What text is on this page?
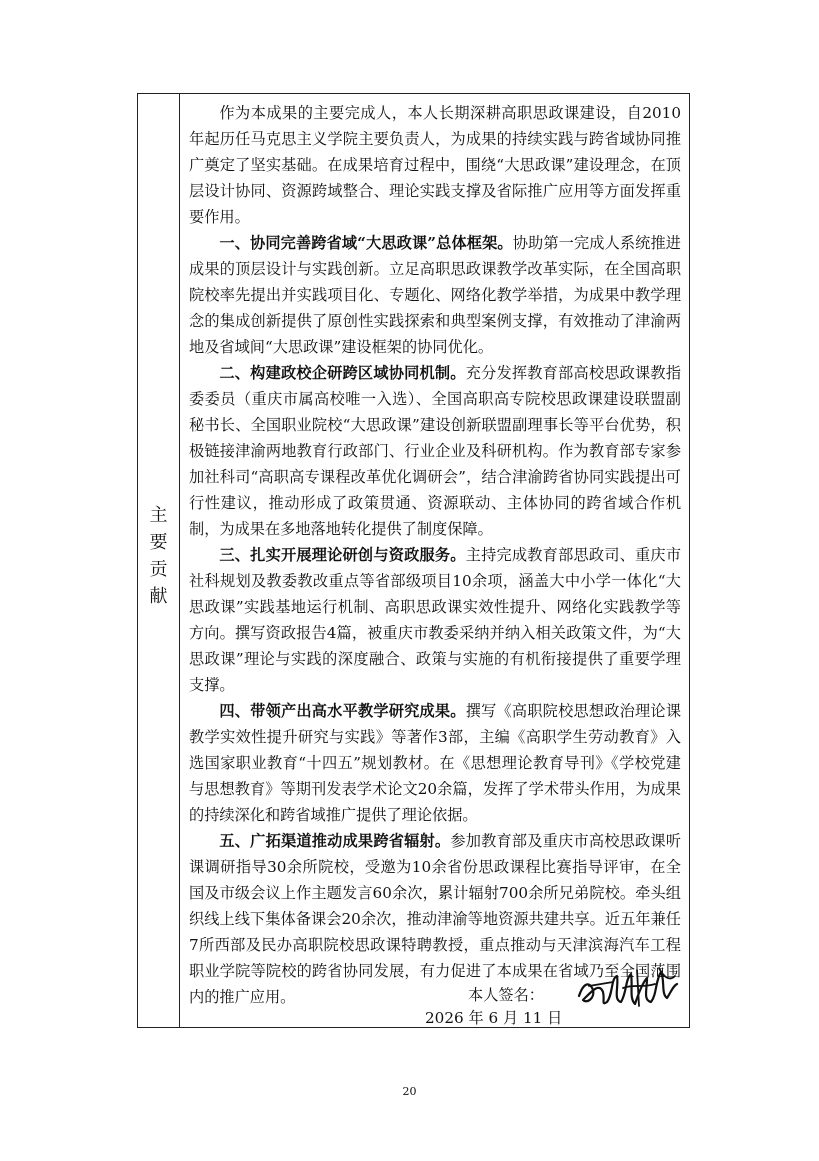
主
要
贡
献

作为本成果的主要完成人，本人长期深耕高职思政课建设，自2010年起历任马克思主义学院主要负责人，为成果的持续实践与跨省域协同推广奠定了坚实基础。在成果培育过程中，围绕“大思政课”建设理念，在顶层设计协同、资源跨域整合、理论实践支撑及省际推广应用等方面发挥重要作用。

一、协同完善跨省域“大思政课”总体框架。协助第一完成人系统推进成果的顶层设计与实践创新。立足高职思政课教学改革实际，在全国高职院校率先提出并实践项目化、专题化、网络化教学举措，为成果中教学理念的集成创新提供了原创性实践探索和典型案例支撑，有效推动了津渝两地及省域间“大思政课”建设框架的协同优化。

二、构建政校企研跨区域协同机制。充分发挥教育部高校思政课教指委委员（重庆市属高校唯一入选）、全国高职高专院校思政课建设联盟副秘书长、全国职业院校“大思政课”建设创新联盟副理事长等平台优势，积极链接津渝两地教育行政部门、行业企业及科研机构。作为教育部专家参加社科司“高职高专课程改革优化调研会”，结合津渝跨省协同实践提出可行性建议，推动形成了政策贯通、资源联动、主体协同的跨省域合作机制，为成果在多地落地转化提供了制度保障。

三、扎实开展理论研创与资政服务。主持完成教育部思政司、重庆市社科规划及教委教改重点等省部级项目10余项，涵盖大中小学一体化“大思政课”实践基地运行机制、高职思政课实效性提升、网络化实践教学等方向。撰写资政报告4篇，被重庆市教委采纳并纳入相关政策文件，为“大思政课”理论与实践的深度融合、政策与实施的有机衔接提供了重要学理支撑。

四、带领产出高水平教学研究成果。撰写《高职院校思想政治理论课教学实效性提升研究与实践》等著作3部，主编《高职学生劳动教育》入选国家职业教育“十四五”规划教材。在《思想理论教育导刊》《学校党建与思想教育》等期刊发表学术论文20余篇，发挥了学术带头作用，为成果的持续深化和跨省域推广提供了理论依据。

五、广拓渠道推动成果跨省辐射。参加教育部及重庆市高校思政课听课调研指导30余所院校，受邀为10余省份思政课程比赛指导评审，在全国及市级会议上作主题发言60余次，累计辐射700余所兄弟院校。牵头组织线上线下集体备课会20余次，推动津渝等地资源共建共享。近五年兼任7所西部及民办高职院校思政课特聘教授，重点推动与天津滨海汽车工程职业学院等院校的跨省协同发展，有力促进了本成果在省域乃至全国范围内的推广应用。	本人签名：
2026 年 6 月 11 日
20
